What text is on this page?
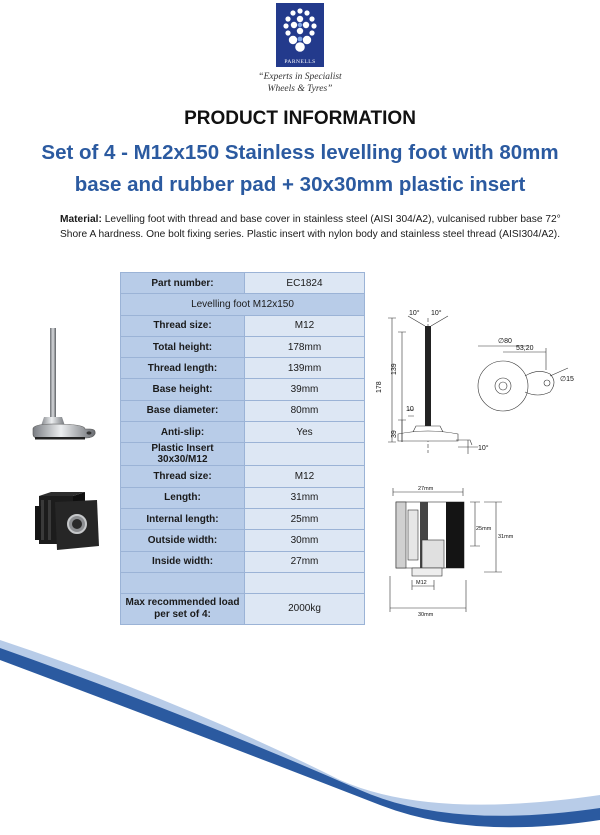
PARNELLS
“Experts in Specialist
Wheels & Tyres”
PRODUCT INFORMATION
Set of 4 - M12x150 Stainless levelling foot with 80mm
base and rubber pad + 30x30mm plastic insert
Material: Levelling foot with thread and base cover in stainless steel (AISI 304/A2), vulcanised rubber base 72° Shore A hardness. One bolt fixing series. Plastic insert with nylon body and stainless steel thread (AISI304/A2).
Part number:	EC1824
Levelling foot M12x150	
Thread size:	M12
Total height:	178mm
Thread length:	139mm
Base height:	39mm
Base diameter:	80mm
Anti-slip:	Yes
Plastic Insert 30x30/M12	
Thread size:	M12
Length:	31mm
Internal length:	25mm
Outside width:	30mm
Inside width:	27mm

Max recommended load per set of 4:	2000kg
10° 10°
178
139
39
10
10°
∅80
53,20
∅15
27mm
25mm
31mm
M12
30mm
